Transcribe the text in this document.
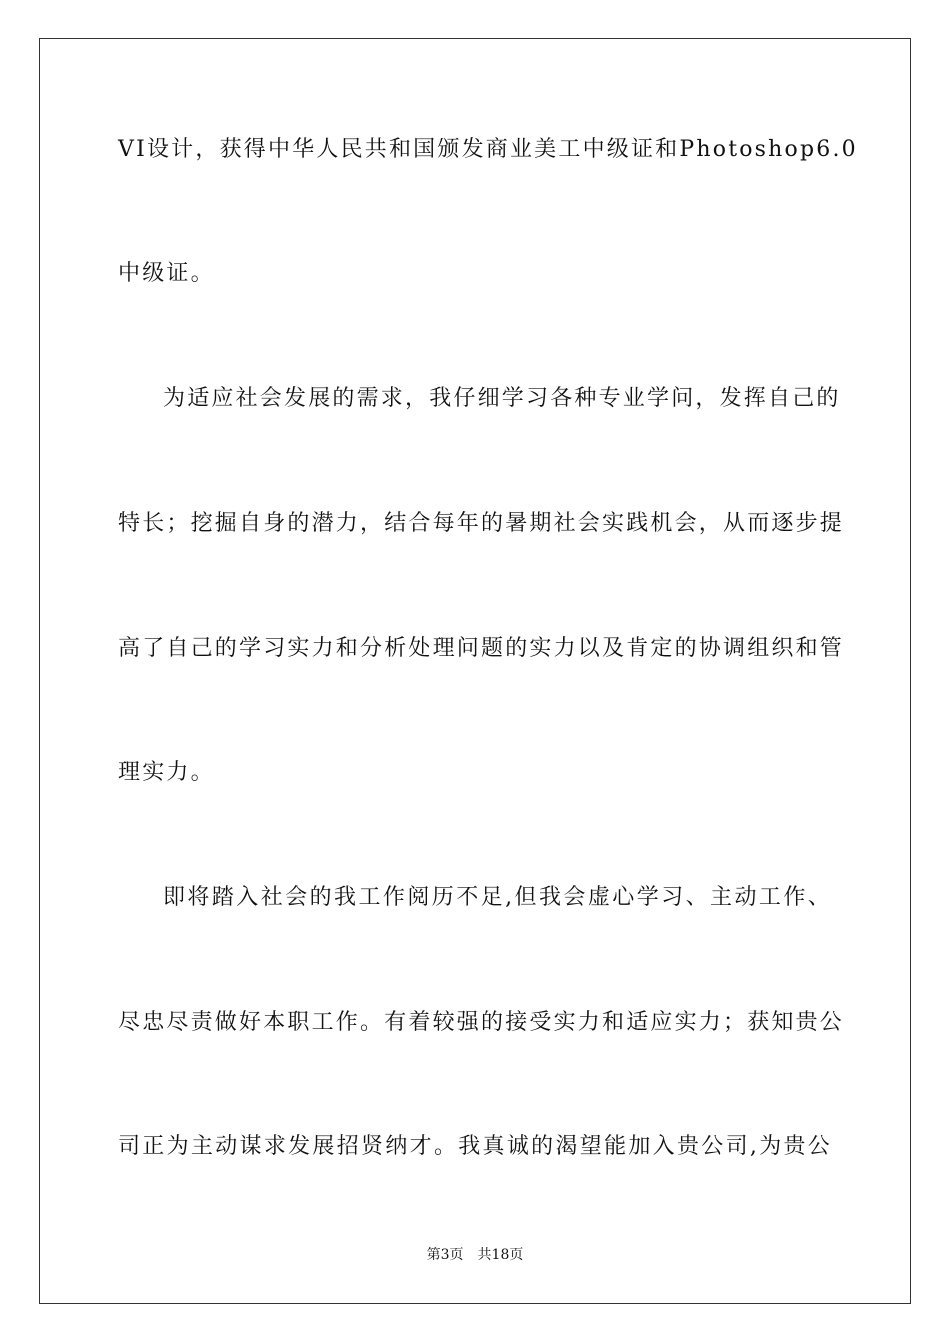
VI设计，获得中华人民共和国颁发商业美工中级证和Photoshop6.0
中级证。
为适应社会发展的需求，我仔细学习各种专业学问，发挥自己的
特长；挖掘自身的潜力，结合每年的暑期社会实践机会，从而逐步提
高了自己的学习实力和分析处理问题的实力以及肯定的协调组织和管
理实力。
即将踏入社会的我工作阅历不足,但我会虚心学习、主动工作、
尽忠尽责做好本职工作。有着较强的接受实力和适应实力；获知贵公
司正为主动谋求发展招贤纳才。我真诚的渴望能加入贵公司,为贵公
第3页　共18页
